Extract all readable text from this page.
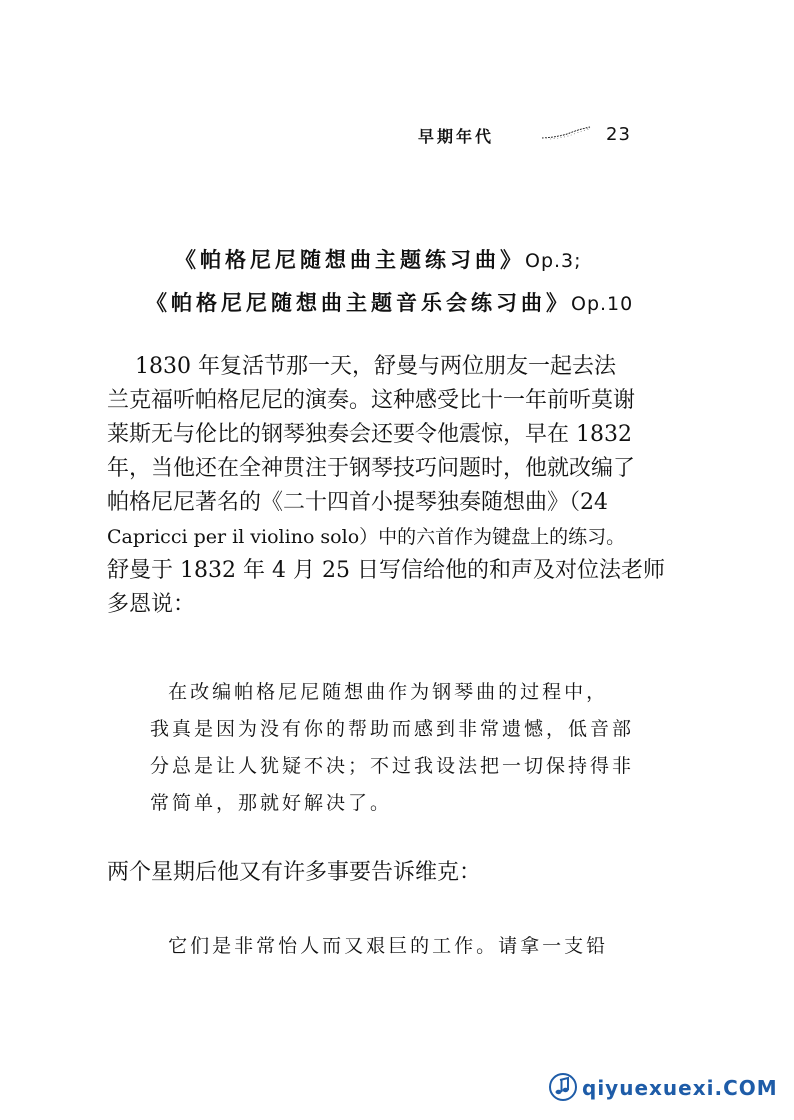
早期年代	23
《帕格尼尼随想曲主题练习曲》Op.3;
《帕格尼尼随想曲主题音乐会练习曲》Op.10
1830 年复活节那一天，舒曼与两位朋友一起去法
兰克福听帕格尼尼的演奏。这种感受比十一年前听莫谢
莱斯无与伦比的钢琴独奏会还要令他震惊，早在 1832
年，当他还在全神贯注于钢琴技巧问题时，他就改编了
帕格尼尼著名的《二十四首小提琴独奏随想曲》（24
Capricci per il violino solo）中的六首作为键盘上的练习。
舒曼于 1832 年 4 月 25 日写信给他的和声及对位法老师
多恩说：
在改编帕格尼尼随想曲作为钢琴曲的过程中，
我真是因为没有你的帮助而感到非常遗憾，低音部
分总是让人犹疑不决；不过我设法把一切保持得非
常简单，那就好解决了。
两个星期后他又有许多事要告诉维克：
它们是非常怡人而又艰巨的工作。请拿一支铅
qiyuexuexi.COM
